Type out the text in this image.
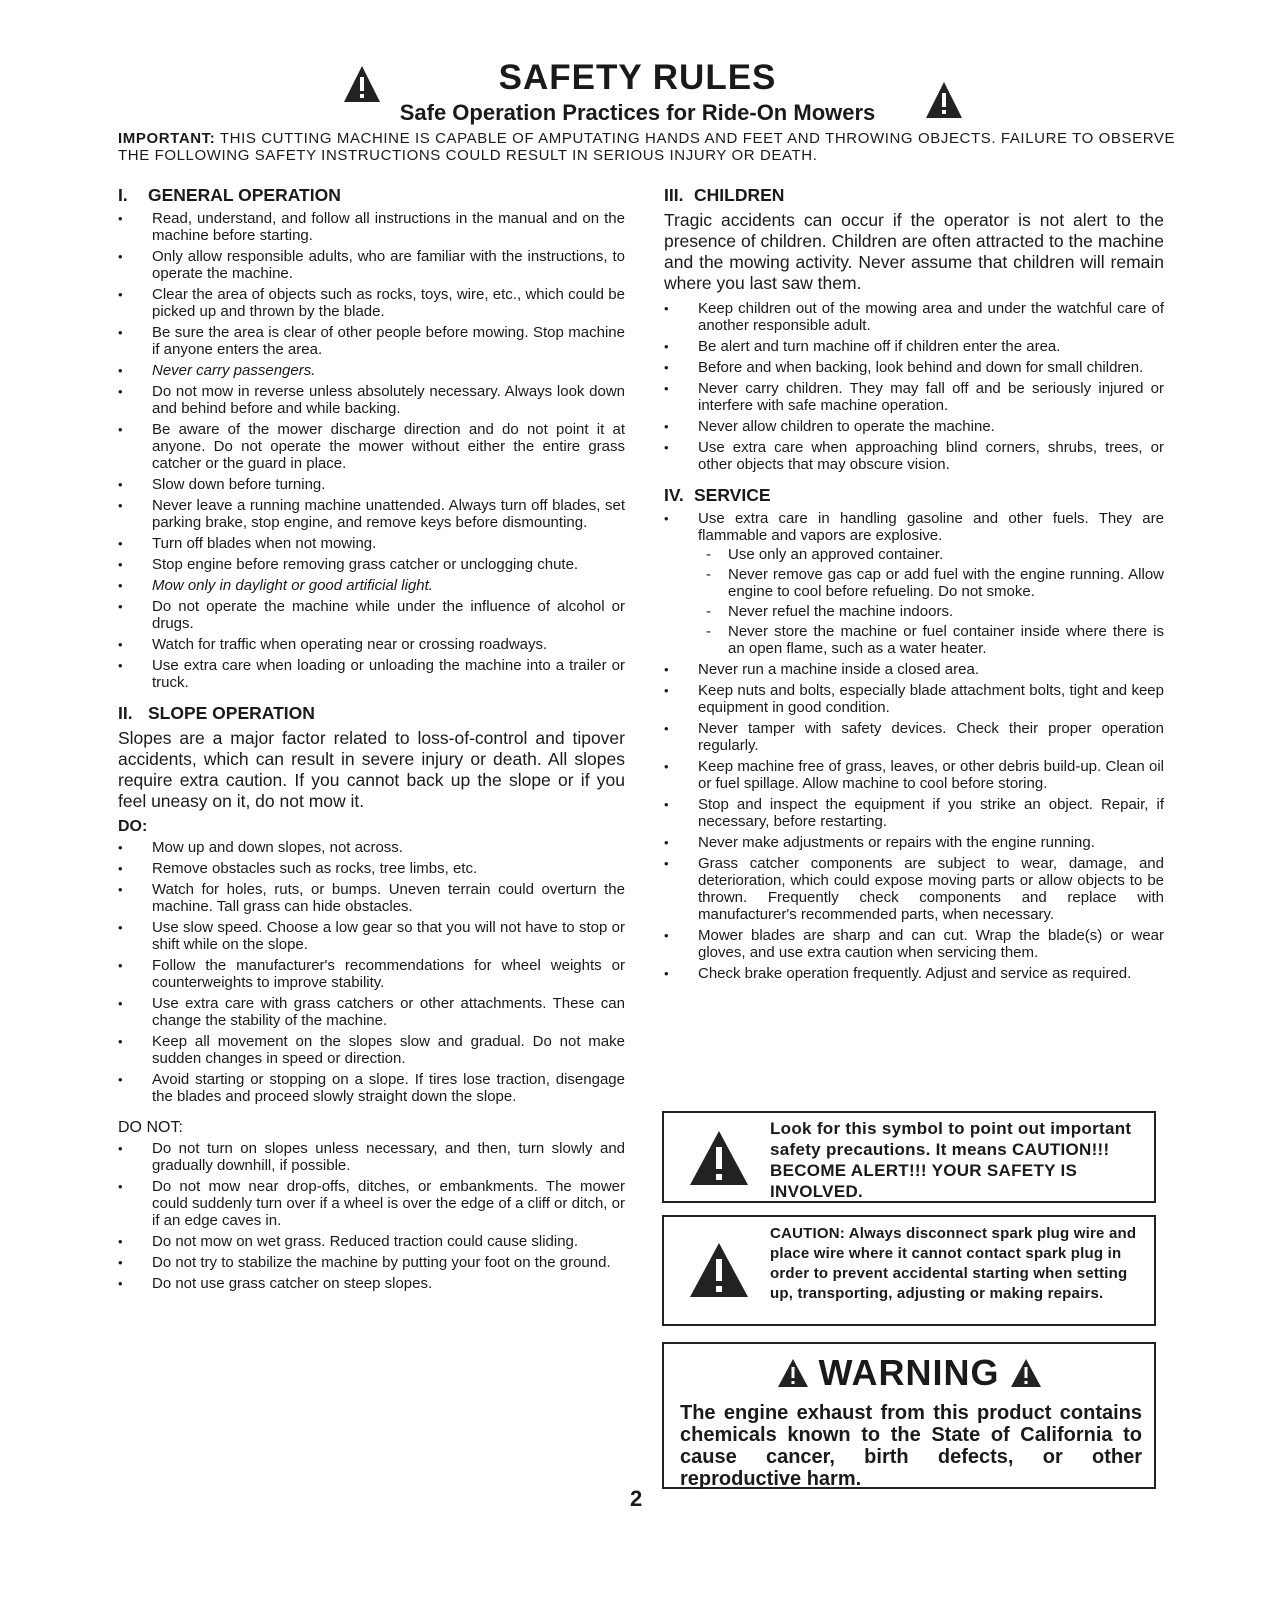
SAFETY RULES
Safe Operation Practices for Ride-On Mowers
IMPORTANT: THIS CUTTING MACHINE IS CAPABLE OF AMPUTATING HANDS AND FEET AND THROWING OBJECTS. FAILURE TO OBSERVE THE FOLLOWING SAFETY INSTRUCTIONS COULD RESULT IN SERIOUS INJURY OR DEATH.
I.	GENERAL OPERATION
• Read, understand, and follow all instructions in the manual and on the machine before starting.
• Only allow responsible adults, who are familiar with the instructions, to operate the machine.
• Clear the area of objects such as rocks, toys, wire, etc., which could be picked up and thrown by the blade.
• Be sure the area is clear of other people before mowing. Stop machine if anyone enters the area.
• Never carry passengers.
• Do not mow in reverse unless absolutely necessary. Always look down and behind before and while backing.
• Be aware of the mower discharge direction and do not point it at anyone. Do not operate the mower without either the entire grass catcher or the guard in place.
• Slow down before turning.
• Never leave a running machine unattended. Always turn off blades, set parking brake, stop engine, and remove keys before dismounting.
• Turn off blades when not mowing.
• Stop engine before removing grass catcher or unclogging chute.
• Mow only in daylight or good artificial light.
• Do not operate the machine while under the influence of alcohol or drugs.
• Watch for traffic when operating near or crossing roadways.
• Use extra care when loading or unloading the machine into a trailer or truck.
II. SLOPE OPERATION

Slopes are a major factor related to loss-of-control and tipover accidents, which can result in severe injury or death. All slopes require extra caution. If you cannot back up the slope or if you feel uneasy on it, do not mow it.

DO:
• Mow up and down slopes, not across.
• Remove obstacles such as rocks, tree limbs, etc.
• Watch for holes, ruts, or bumps. Uneven terrain could overturn the machine. Tall grass can hide obstacles.
• Use slow speed. Choose a low gear so that you will not have to stop or shift while on the slope.
• Follow the manufacturer's recommendations for wheel weights or counterweights to improve stability.
• Use extra care with grass catchers or other attachments. These can change the stability of the machine.
• Keep all movement on the slopes slow and gradual. Do not make sudden changes in speed or direction.
• Avoid starting or stopping on a slope. If tires lose traction, disengage the blades and proceed slowly straight down the slope.
DO NOT:
• Do not turn on slopes unless necessary, and then, turn slowly and gradually downhill, if possible.
• Do not mow near drop-offs, ditches, or embankments. The mower could suddenly turn over if a wheel is over the edge of a cliff or ditch, or if an edge caves in.
• Do not mow on wet grass. Reduced traction could cause sliding.
• Do not try to stabilize the machine by putting your foot on the ground.
• Do not use grass catcher on steep slopes.
III. CHILDREN

Tragic accidents can occur if the operator is not alert to the presence of children. Children are often attracted to the machine and the mowing activity. Never assume that children will remain where you last saw them.

• Keep children out of the mowing area and under the watchful care of another responsible adult.
• Be alert and turn machine off if children enter the area.
• Before and when backing, look behind and down for small children.
• Never carry children. They may fall off and be seriously injured or interfere with safe machine operation.
• Never allow children to operate the machine.
• Use extra care when approaching blind corners, shrubs, trees, or other objects that may obscure vision.
IV. SERVICE
• Use extra care in handling gasoline and other fuels. They are flammable and vapors are explosive.
- Use only an approved container.
- Never remove gas cap or add fuel with the engine running. Allow engine to cool before refueling. Do not smoke.
- Never refuel the machine indoors.
- Never store the machine or fuel container inside where there is an open flame, such as a water heater.
• Never run a machine inside a closed area.
• Keep nuts and bolts, especially blade attachment bolts, tight and keep equipment in good condition.
• Never tamper with safety devices. Check their proper operation regularly.
• Keep machine free of grass, leaves, or other debris build-up. Clean oil or fuel spillage. Allow machine to cool before storing.
• Stop and inspect the equipment if you strike an object. Repair, if necessary, before restarting.
• Never make adjustments or repairs with the engine running.
• Grass catcher components are subject to wear, damage, and deterioration, which could expose moving parts or allow objects to be thrown. Frequently check components and replace with manufacturer's recommended parts, when necessary.
• Mower blades are sharp and can cut. Wrap the blade(s) or wear gloves, and use extra caution when servicing them.
• Check brake operation frequently. Adjust and service as required.
Look for this symbol to point out important safety precautions. It means CAUTION!!! BECOME ALERT!!! YOUR SAFETY IS INVOLVED.
CAUTION: Always disconnect spark plug wire and place wire where it cannot contact spark plug in order to prevent accidental starting when setting up, transporting, adjusting or making repairs.
WARNING
The engine exhaust from this product contains chemicals known to the State of California to cause cancer, birth defects, or other reproductive harm.
2
